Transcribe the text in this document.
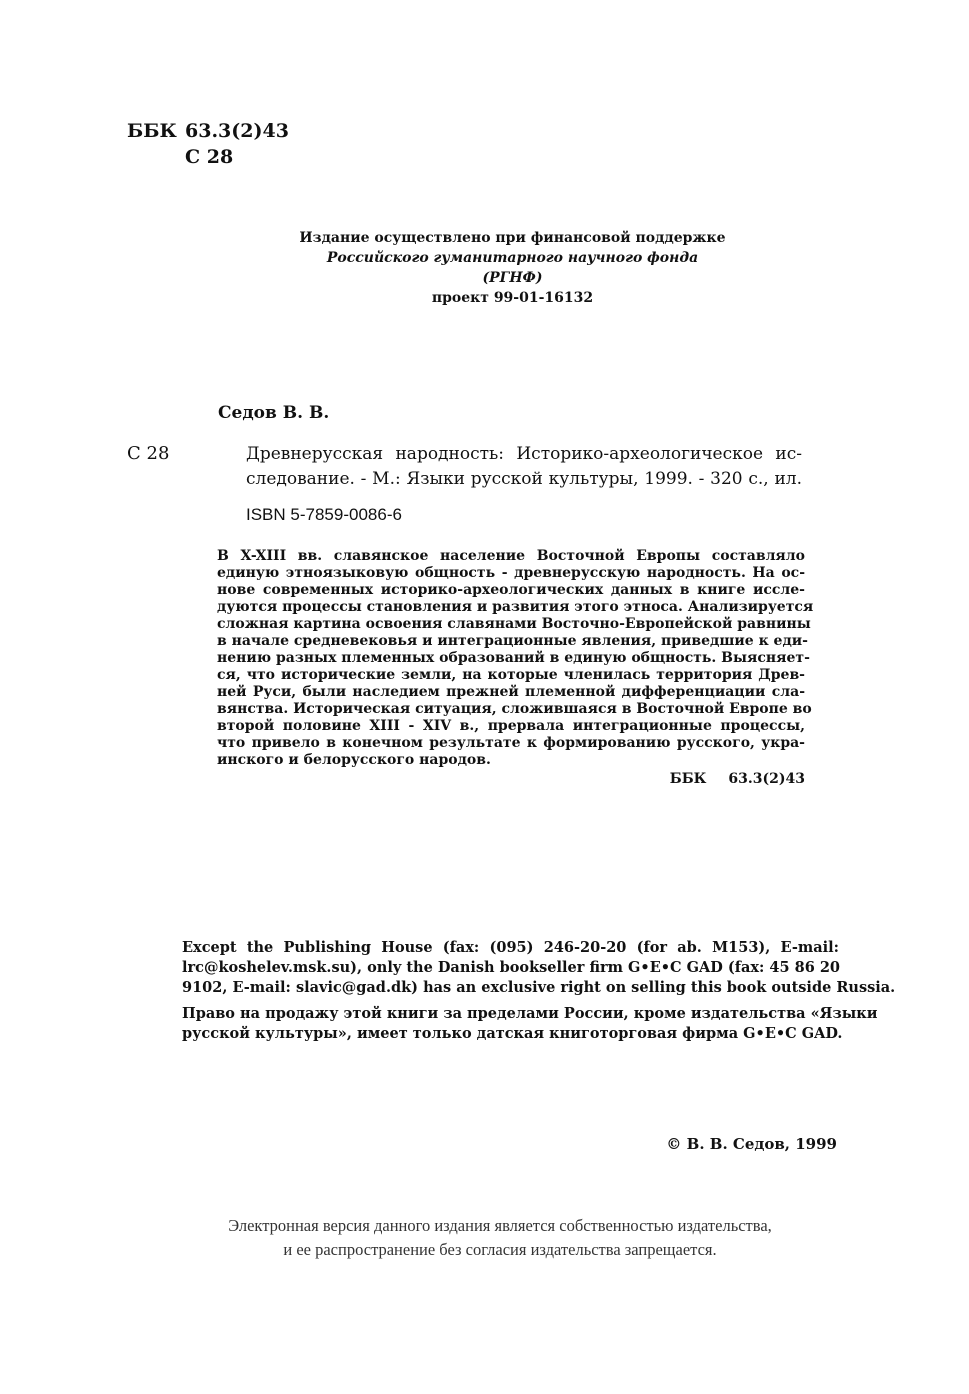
ББК 63.3(2)43
С 28
Издание осуществлено при финансовой поддержке
Российского гуманитарного научного фонда
(РГНФ)
проект 99-01-16132
Седов В. В.
С 28	Древнерусская народность: Историко-археологическое ис-
следование. - М.: Языки русской культуры, 1999. - 320 с., ил.
ISBN 5-7859-0086-6
В X-XIII вв. славянское население Восточной Европы составляло
единую этноязыковую общность - древнерусскую народность. На ос-
нове современных историко-археологических данных в книге иссле-
дуются процессы становления и развития этого этноса. Анализируется
сложная картина освоения славянами Восточно-Европейской равнины
в начале средневековья и интеграционные явления, приведшие к еди-
нению разных племенных образований в единую общность. Выясняет-
ся, что исторические земли, на которые членилась территория Древ-
ней Руси, были наследием прежней племенной дифференциации сла-
вянства. Историческая ситуация, сложившаяся в Восточной Европе во
второй половине XIII - XIV в., прервала интеграционные процессы,
что привело в конечном результате к формированию русского, укра-
инского и белорусского народов.
ББК 63.3(2)43
Except the Publishing House (fax: (095) 246-20-20 (for ab. M153), E-mail:
lrc@koshelev.msk.su), only the Danish bookseller firm G•E•C GAD (fax: 45 86 20
9102, E-mail: slavic@gad.dk) has an exclusive right on selling this book outside Russia.
Право на продажу этой книги за пределами России, кроме издательства «Языки
русской культуры», имеет только датская книготорговая фирма G•E•C GAD.
© В. В. Седов, 1999
Электронная версия данного издания является собственностью издательства,
и ее распространение без согласия издательства запрещается.
